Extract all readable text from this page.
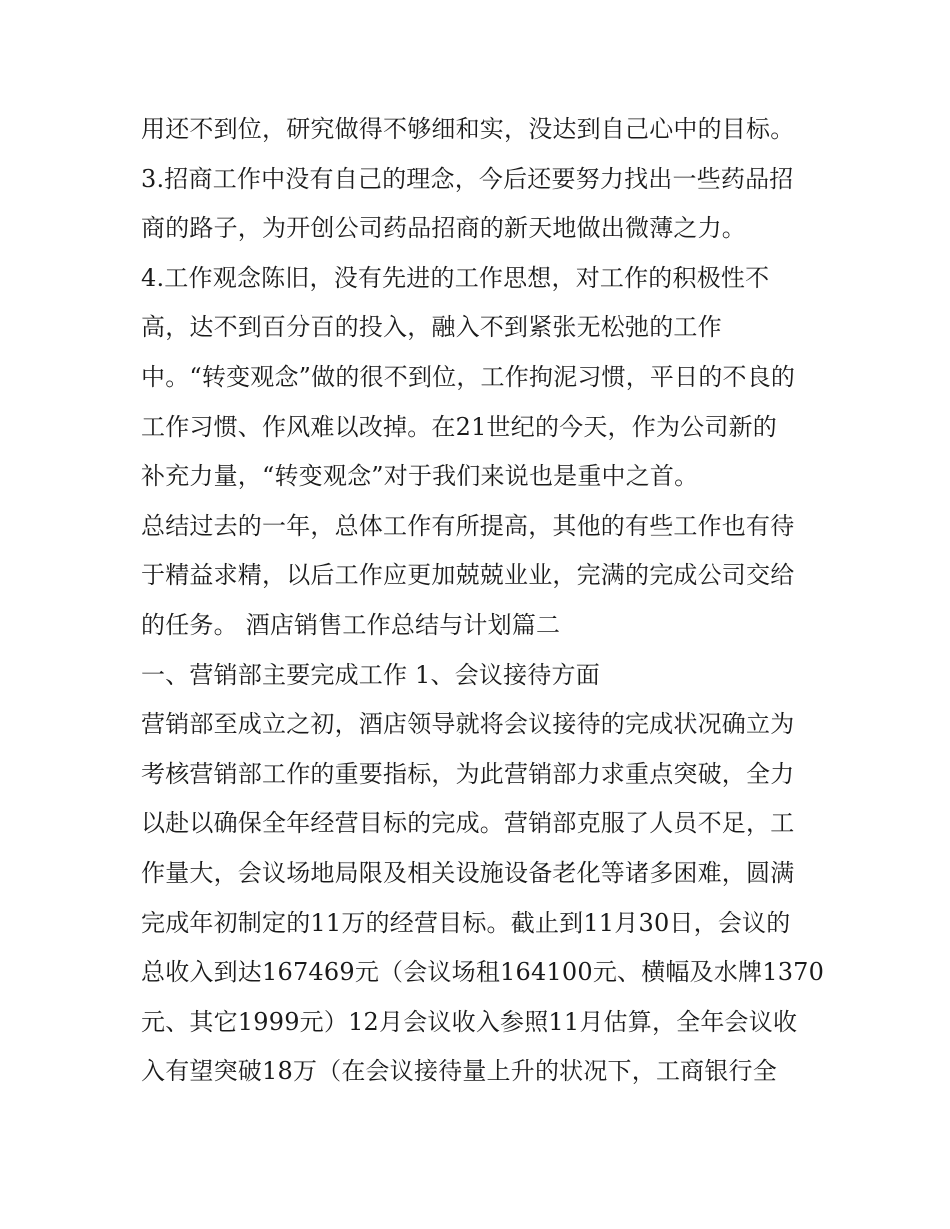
用还不到位，研究做得不够细和实，没达到自己心中的目标。

3.招商工作中没有自己的理念，今后还要努力找出一些药品招

商的路子，为开创公司药品招商的新天地做出微薄之力。

4.工作观念陈旧，没有先进的工作思想，对工作的积极性不

高，达不到百分百的投入，融入不到紧张无松弛的工作

中。“转变观念”做的很不到位，工作拘泥习惯，平日的不良的

工作习惯、作风难以改掉。在21世纪的今天，作为公司新的

补充力量，“转变观念”对于我们来说也是重中之首。

总结过去的一年，总体工作有所提高，其他的有些工作也有待

于精益求精，以后工作应更加兢兢业业，完满的完成公司交给

的任务。 酒店销售工作总结与计划篇二

一、营销部主要完成工作 1、会议接待方面

营销部至成立之初，酒店领导就将会议接待的完成状况确立为

考核营销部工作的重要指标，为此营销部力求重点突破，全力

以赴以确保全年经营目标的完成。营销部克服了人员不足，工

作量大，会议场地局限及相关设施设备老化等诸多困难，圆满

完成年初制定的11万的经营目标。截止到11月30日，会议的

总收入到达167469元（会议场租164100元、横幅及水牌1370

元、其它1999元）12月会议收入参照11月估算，全年会议收

入有望突破18万（在会议接待量上升的状况下，工商银行全
